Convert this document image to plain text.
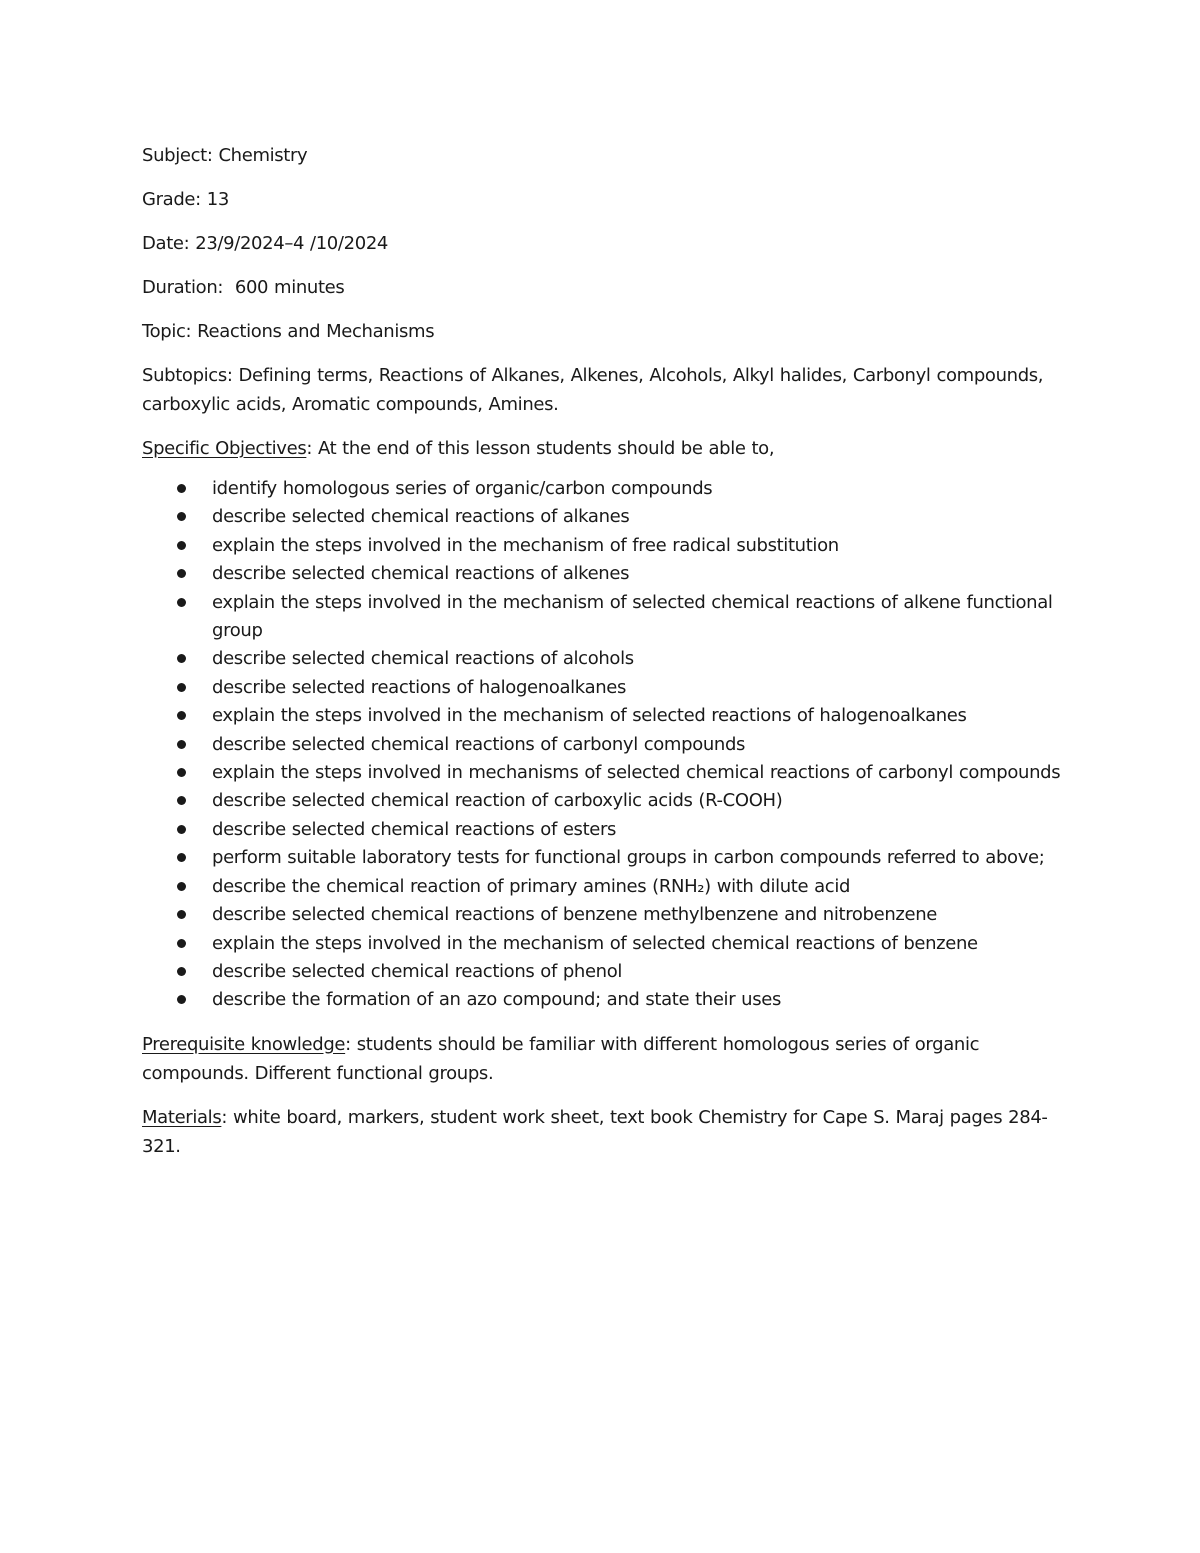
Subject: Chemistry

Grade: 13

Date: 23/9/2024–4 /10/2024

Duration: 600 minutes

Topic: Reactions and Mechanisms

Subtopics: Defining terms, Reactions of Alkanes, Alkenes, Alcohols, Alkyl halides, Carbonyl compounds, carboxylic acids, Aromatic compounds, Amines.

Specific Objectives: At the end of this lesson students should be able to,

identify homologous series of organic/carbon compounds
describe selected chemical reactions of alkanes
explain the steps involved in the mechanism of free radical substitution
describe selected chemical reactions of alkenes
explain the steps involved in the mechanism of selected chemical reactions of alkene functional group
describe selected chemical reactions of alcohols
describe selected reactions of halogenoalkanes
explain the steps involved in the mechanism of selected reactions of halogenoalkanes
describe selected chemical reactions of carbonyl compounds
explain the steps involved in mechanisms of selected chemical reactions of carbonyl compounds
describe selected chemical reaction of carboxylic acids (R-COOH)
describe selected chemical reactions of esters
perform suitable laboratory tests for functional groups in carbon compounds referred to above;
describe the chemical reaction of primary amines (RNH₂) with dilute acid
describe selected chemical reactions of benzene methylbenzene and nitrobenzene
explain the steps involved in the mechanism of selected chemical reactions of benzene
describe selected chemical reactions of phenol
describe the formation of an azo compound; and state their uses

Prerequisite knowledge: students should be familiar with different homologous series of organic compounds. Different functional groups.

Materials: white board, markers, student work sheet, text book Chemistry for Cape S. Maraj pages 284-321.
